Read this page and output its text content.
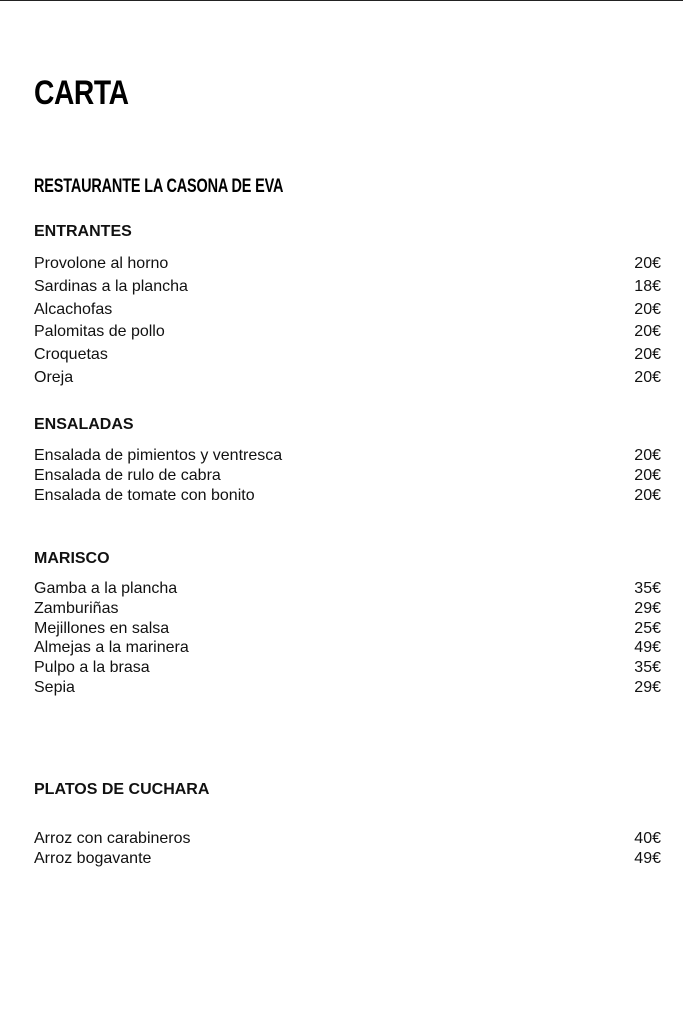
CARTA
RESTAURANTE LA CASONA DE EVA
ENTRANTES
Provolone al horno	20€
Sardinas a la plancha	18€
Alcachofas	20€
Palomitas de pollo	20€
Croquetas	20€
Oreja	20€
ENSALADAS
Ensalada de pimientos y ventresca	20€
Ensalada de rulo de cabra	20€
Ensalada de tomate con bonito	20€
MARISCO
Gamba a la plancha	35€
Zamburiñas	29€
Mejillones en salsa	25€
Almejas a la marinera	49€
Pulpo a la brasa	35€
Sepia	29€
PLATOS DE CUCHARA
Arroz con carabineros	40€
Arroz bogavante	49€
